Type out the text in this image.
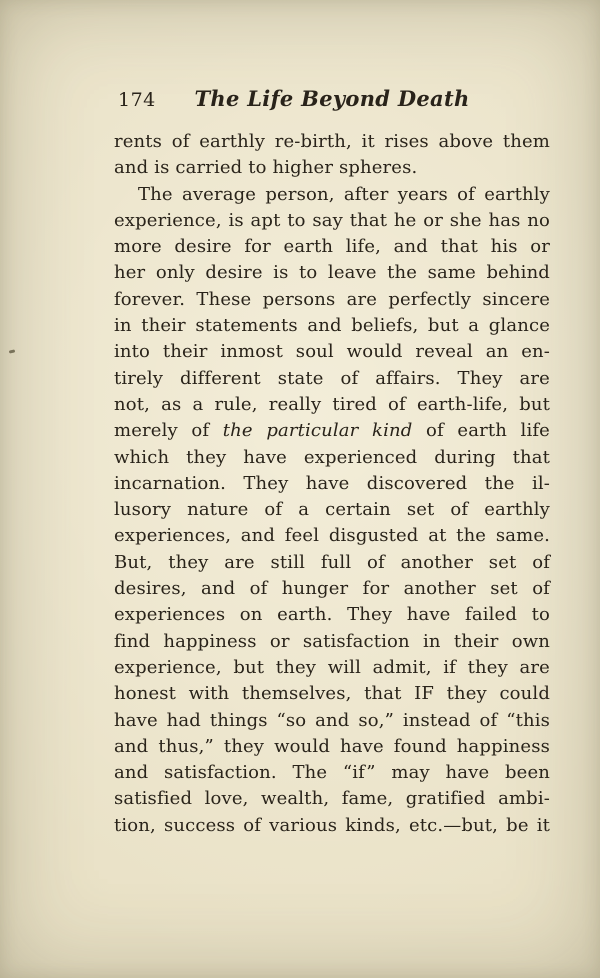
174	The Life Beyond Death
rents of earthly re-birth, it rises above them
and is carried to higher spheres.
The average person, after years of earthly
experience, is apt to say that he or she has no
more desire for earth life, and that his or
her only desire is to leave the same behind
forever. These persons are perfectly sincere
in their statements and beliefs, but a glance
into their inmost soul would reveal an en-
tirely different state of affairs. They are
not, as a rule, really tired of earth-life, but
merely of the particular kind of earth life
which they have experienced during that
incarnation. They have discovered the il-
lusory nature of a certain set of earthly
experiences, and feel disgusted at the same.
But, they are still full of another set of
desires, and of hunger for another set of
experiences on earth. They have failed to
find happiness or satisfaction in their own
experience, but they will admit, if they are
honest with themselves, that IF they could
have had things “so and so,” instead of “this
and thus,” they would have found happiness
and satisfaction. The “if” may have been
satisfied love, wealth, fame, gratified ambi-
tion, success of various kinds, etc.—but, be it
